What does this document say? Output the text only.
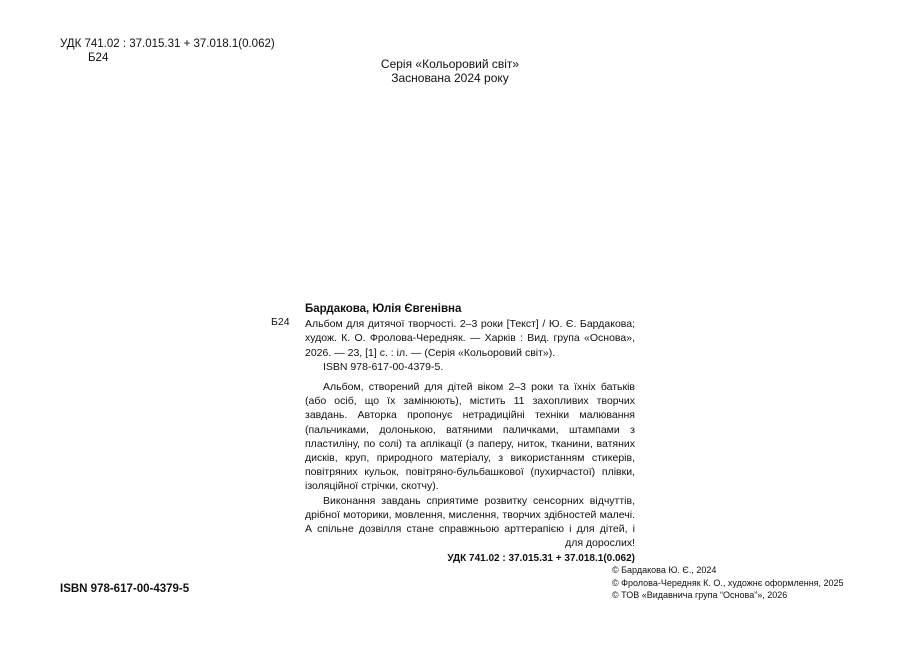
УДК 741.02 : 37.015.31 + 37.018.1(0.062)
Б24	Серія «Кольоровий світ»
Заснована 2024 року
Б24
Бардакова, Юлія Євгенівна
Альбом для дитячої творчості. 2–3 роки [Текст] / Ю. Є. Бардакова; худож. К. О. Фролова-Чередняк. — Харків : Вид. група «Основа», 2026. — 23, [1] с. : іл. — (Серія «Кольоровий світ»).
ISBN 978-617-00-4379-5.
Альбом, створений для дітей віком 2–3 роки та їхніх батьків (або осіб, що їх замінюють), містить 11 захопливих творчих завдань. Авторка пропонує нетрадиційні техніки малювання (пальчиками, долонькою, ватяними паличками, штампами з пластиліну, по солі) та аплікації (з паперу, ниток, тканини, ватяних дисків, круп, природного матеріалу, з використанням стикерів, повітряних кульок, повітряно-бульбашкової (пухирчастої) плівки, ізоляційної стрічки, скотчу).
Виконання завдань сприятиме розвитку сенсорних відчуттів, дрібної моторики, мовлення, мислення, творчих здібностей малечі. А спільне дозвілля стане справжньою арттерапією і для дітей, і для дорослих!
УДК 741.02 : 37.015.31 + 37.018.1(0.062)
ISBN 978-617-00-4379-5
© Бардакова Ю. Є., 2024
© Фролова-Чередняк К. О., художнє оформлення, 2025
© ТОВ «Видавнича група “Основа”», 2026
